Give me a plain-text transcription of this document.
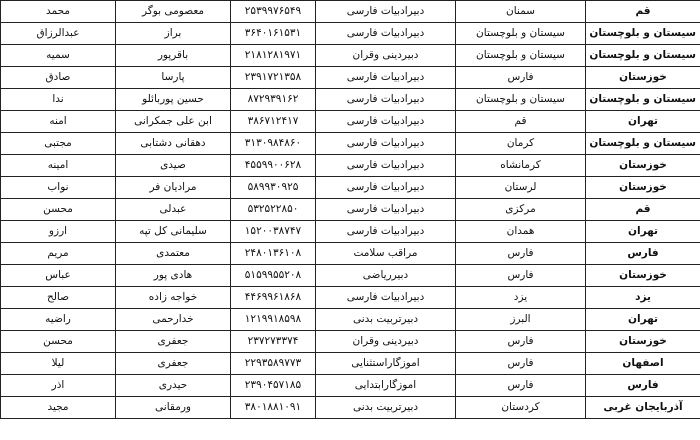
قم	سمنان	دبیرادبیات فارسی	۲۵۳۹۹۷۶۵۴۹	معصومی بوگر	محمد	
سیستان و بلوچستان	سیستان و بلوچستان	دبیرادبیات فارسی	۳۶۴۰۱۶۱۵۳۱	براز	عبدالرزاق	
سیستان و بلوچستان	سیستان و بلوچستان	دبیردینی وقران	۲۱۸۱۲۸۱۹۷۱	باقرپور	سمیه	
خوزستان	فارس	دبیرادبیات فارسی	۲۳۹۱۷۲۱۳۵۸	پارسا	صادق	
سیستان و بلوچستان	سیستان و بلوچستان	دبیرادبیات فارسی	۸۷۲۹۳۹۱۶۲	حسین پوربائلو	ندا	
تهران	قم	دبیرادبیات فارسی	۳۸۶۷۱۲۴۱۷	ابن علی جمکرانی	امنه	
سیستان و بلوچستان	کرمان	دبیرادبیات فارسی	۳۱۳۰۹۸۴۸۶۰	دهقانی دشتابی	مجتبی	
خوزستان	کرمانشاه	دبیرادبیات فارسی	۴۵۵۹۹۰۰۶۲۸	صیدی	امینه	
خوزستان	لرستان	دبیرادبیات فارسی	۵۸۹۹۳۰۹۲۵	مرادیان فر	نواب	
قم	مرکزی	دبیرادبیات فارسی	۵۳۲۵۲۲۸۵۰	عبدلی	محسن	
تهران	همدان	دبیرادبیات فارسی	۱۵۲۰۰۳۸۷۴۷	سلیمانی کل تپه	ارزو	
فارس	فارس	مراقب سلامت	۲۴۸۰۱۳۶۱۰۸	معتمدی	مریم	
خوزستان	فارس	دبیرریاضی	۵۱۵۹۹۵۵۲۰۸	هادی پور	عباس	
یزد	یزد	دبیرادبیات فارسی	۴۴۶۹۹۶۱۸۶۸	خواجه زاده	صالح	
تهران	البرز	دبیرتربیت بدنی	۱۲۱۹۹۱۸۵۹۸	خدارحمی	راضیه	
خوزستان	فارس	دبیردینی وقران	۲۳۷۲۷۳۳۷۴	جعفری	محسن	
اصفهان	فارس	اموزگاراستثنایی	۲۲۹۳۵۸۹۷۷۳	جعفری	لیلا	
فارس	فارس	اموزگارابتدایی	۲۳۹۰۴۵۷۱۸۵	حیدری	اذر	
آذربایجان غربی	کردستان	دبیرتربیت بدنی	۳۸۰۱۸۸۱۰۹۱	ورمقانی	مجید	
